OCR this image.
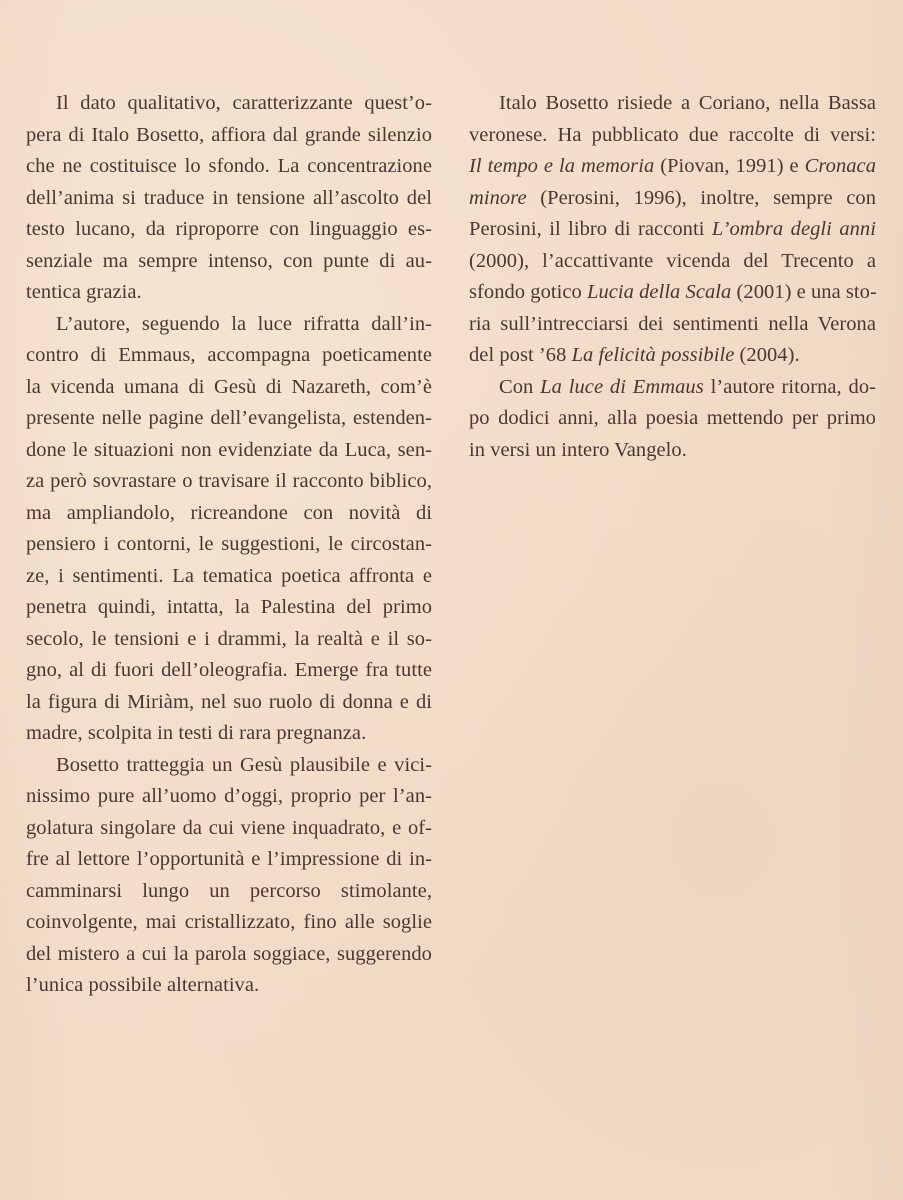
Il dato qualitativo, caratterizzante quest’o-
pera di Italo Bosetto, affiora dal grande silenzio
che ne costituisce lo sfondo. La concentrazione
dell’anima si traduce in tensione all’ascolto del
testo lucano, da riproporre con linguaggio es-
senziale ma sempre intenso, con punte di au-
tentica grazia.
L’autore, seguendo la luce rifratta dall’in-
contro di Emmaus, accompagna poeticamente
la vicenda umana di Gesù di Nazareth, com’è
presente nelle pagine dell’evangelista, estenden-
done le situazioni non evidenziate da Luca, sen-
za però sovrastare o travisare il racconto biblico,
ma ampliandolo, ricreandone con novità di
pensiero i contorni, le suggestioni, le circostan-
ze, i sentimenti. La tematica poetica affronta e
penetra quindi, intatta, la Palestina del primo
secolo, le tensioni e i drammi, la realtà e il so-
gno, al di fuori dell’oleografia. Emerge fra tutte
la figura di Miriàm, nel suo ruolo di donna e di
madre, scolpita in testi di rara pregnanza.
Bosetto tratteggia un Gesù plausibile e vici-
nissimo pure all’uomo d’oggi, proprio per l’an-
golatura singolare da cui viene inquadrato, e of-
fre al lettore l’opportunità e l’impressione di in-
camminarsi lungo un percorso stimolante,
coinvolgente, mai cristallizzato, fino alle soglie
del mistero a cui la parola soggiace, suggerendo
l’unica possibile alternativa.
Italo Bosetto risiede a Coriano, nella Bassa
veronese. Ha pubblicato due raccolte di versi:
Il tempo e la memoria (Piovan, 1991) e Cronaca
minore (Perosini, 1996), inoltre, sempre con
Perosini, il libro di racconti L’ombra degli anni
(2000), l’accattivante vicenda del Trecento a
sfondo gotico Lucia della Scala (2001) e una sto-
ria sull’intrecciarsi dei sentimenti nella Verona
del post ’68 La felicità possibile (2004).
Con La luce di Emmaus l’autore ritorna, do-
po dodici anni, alla poesia mettendo per primo
in versi un intero Vangelo.
